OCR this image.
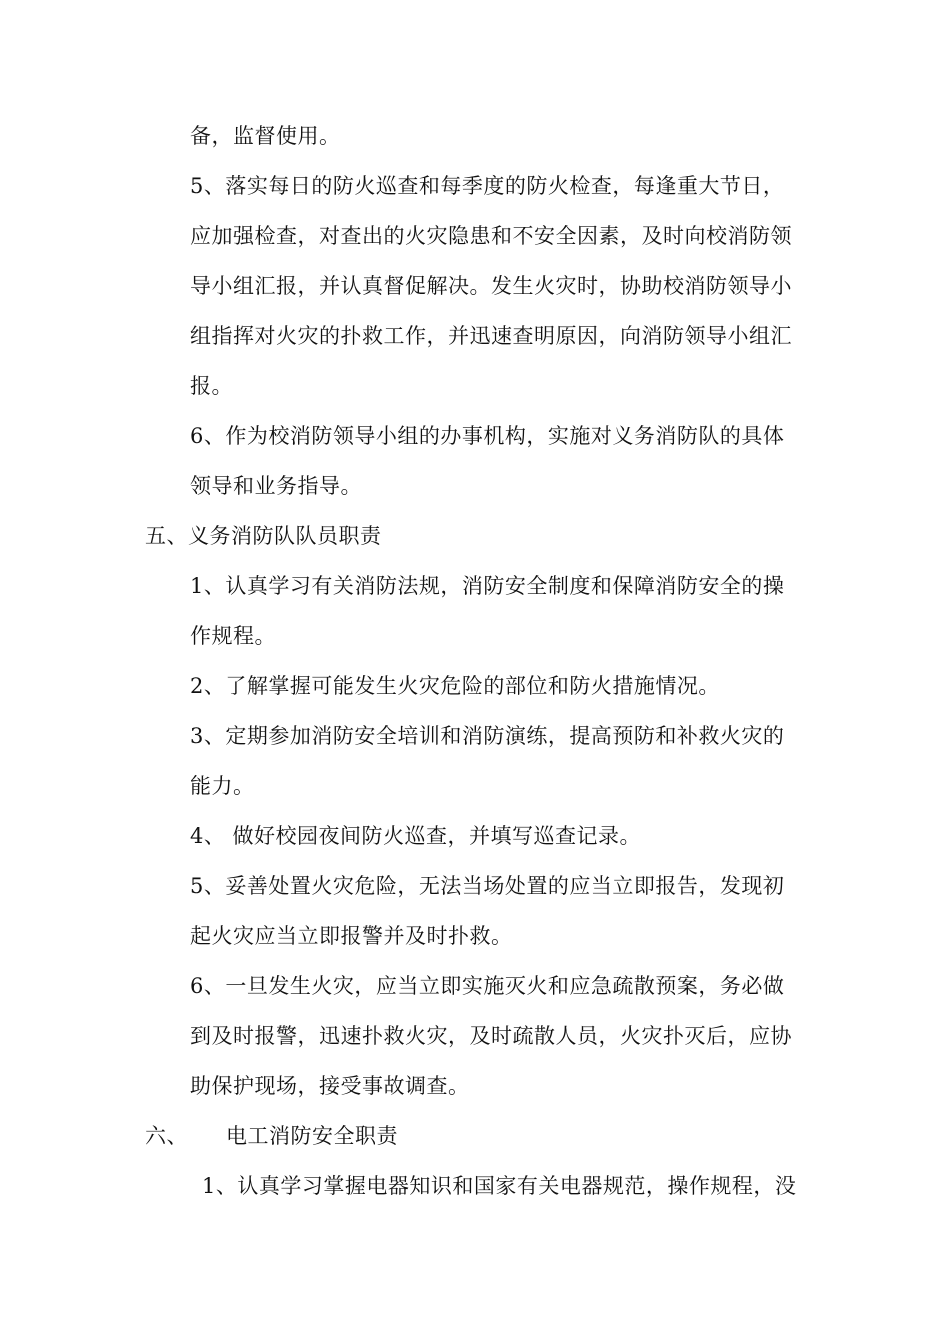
备，监督使用。
5、落实每日的防火巡查和每季度的防火检查，每逢重大节日，
应加强检查，对查出的火灾隐患和不安全因素，及时向校消防领
导小组汇报，并认真督促解决。发生火灾时，协助校消防领导小
组指挥对火灾的扑救工作，并迅速查明原因，向消防领导小组汇
报。
6、作为校消防领导小组的办事机构，实施对义务消防队的具体
领导和业务指导。
五、义务消防队队员职责
1、认真学习有关消防法规，消防安全制度和保障消防安全的操
作规程。
2、了解掌握可能发生火灾危险的部位和防火措施情况。
3、定期参加消防安全培训和消防演练，提高预防和补救火灾的
能力。
4、 做好校园夜间防火巡查，并填写巡查记录。
5、妥善处置火灾危险，无法当场处置的应当立即报告，发现初
起火灾应当立即报警并及时扑救。
6、一旦发生火灾，应当立即实施灭火和应急疏散预案，务必做
到及时报警，迅速扑救火灾，及时疏散人员，火灾扑灭后，应协
助保护现场，接受事故调查。
六、 电工消防安全职责
1、认真学习掌握电器知识和国家有关电器规范，操作规程，没
